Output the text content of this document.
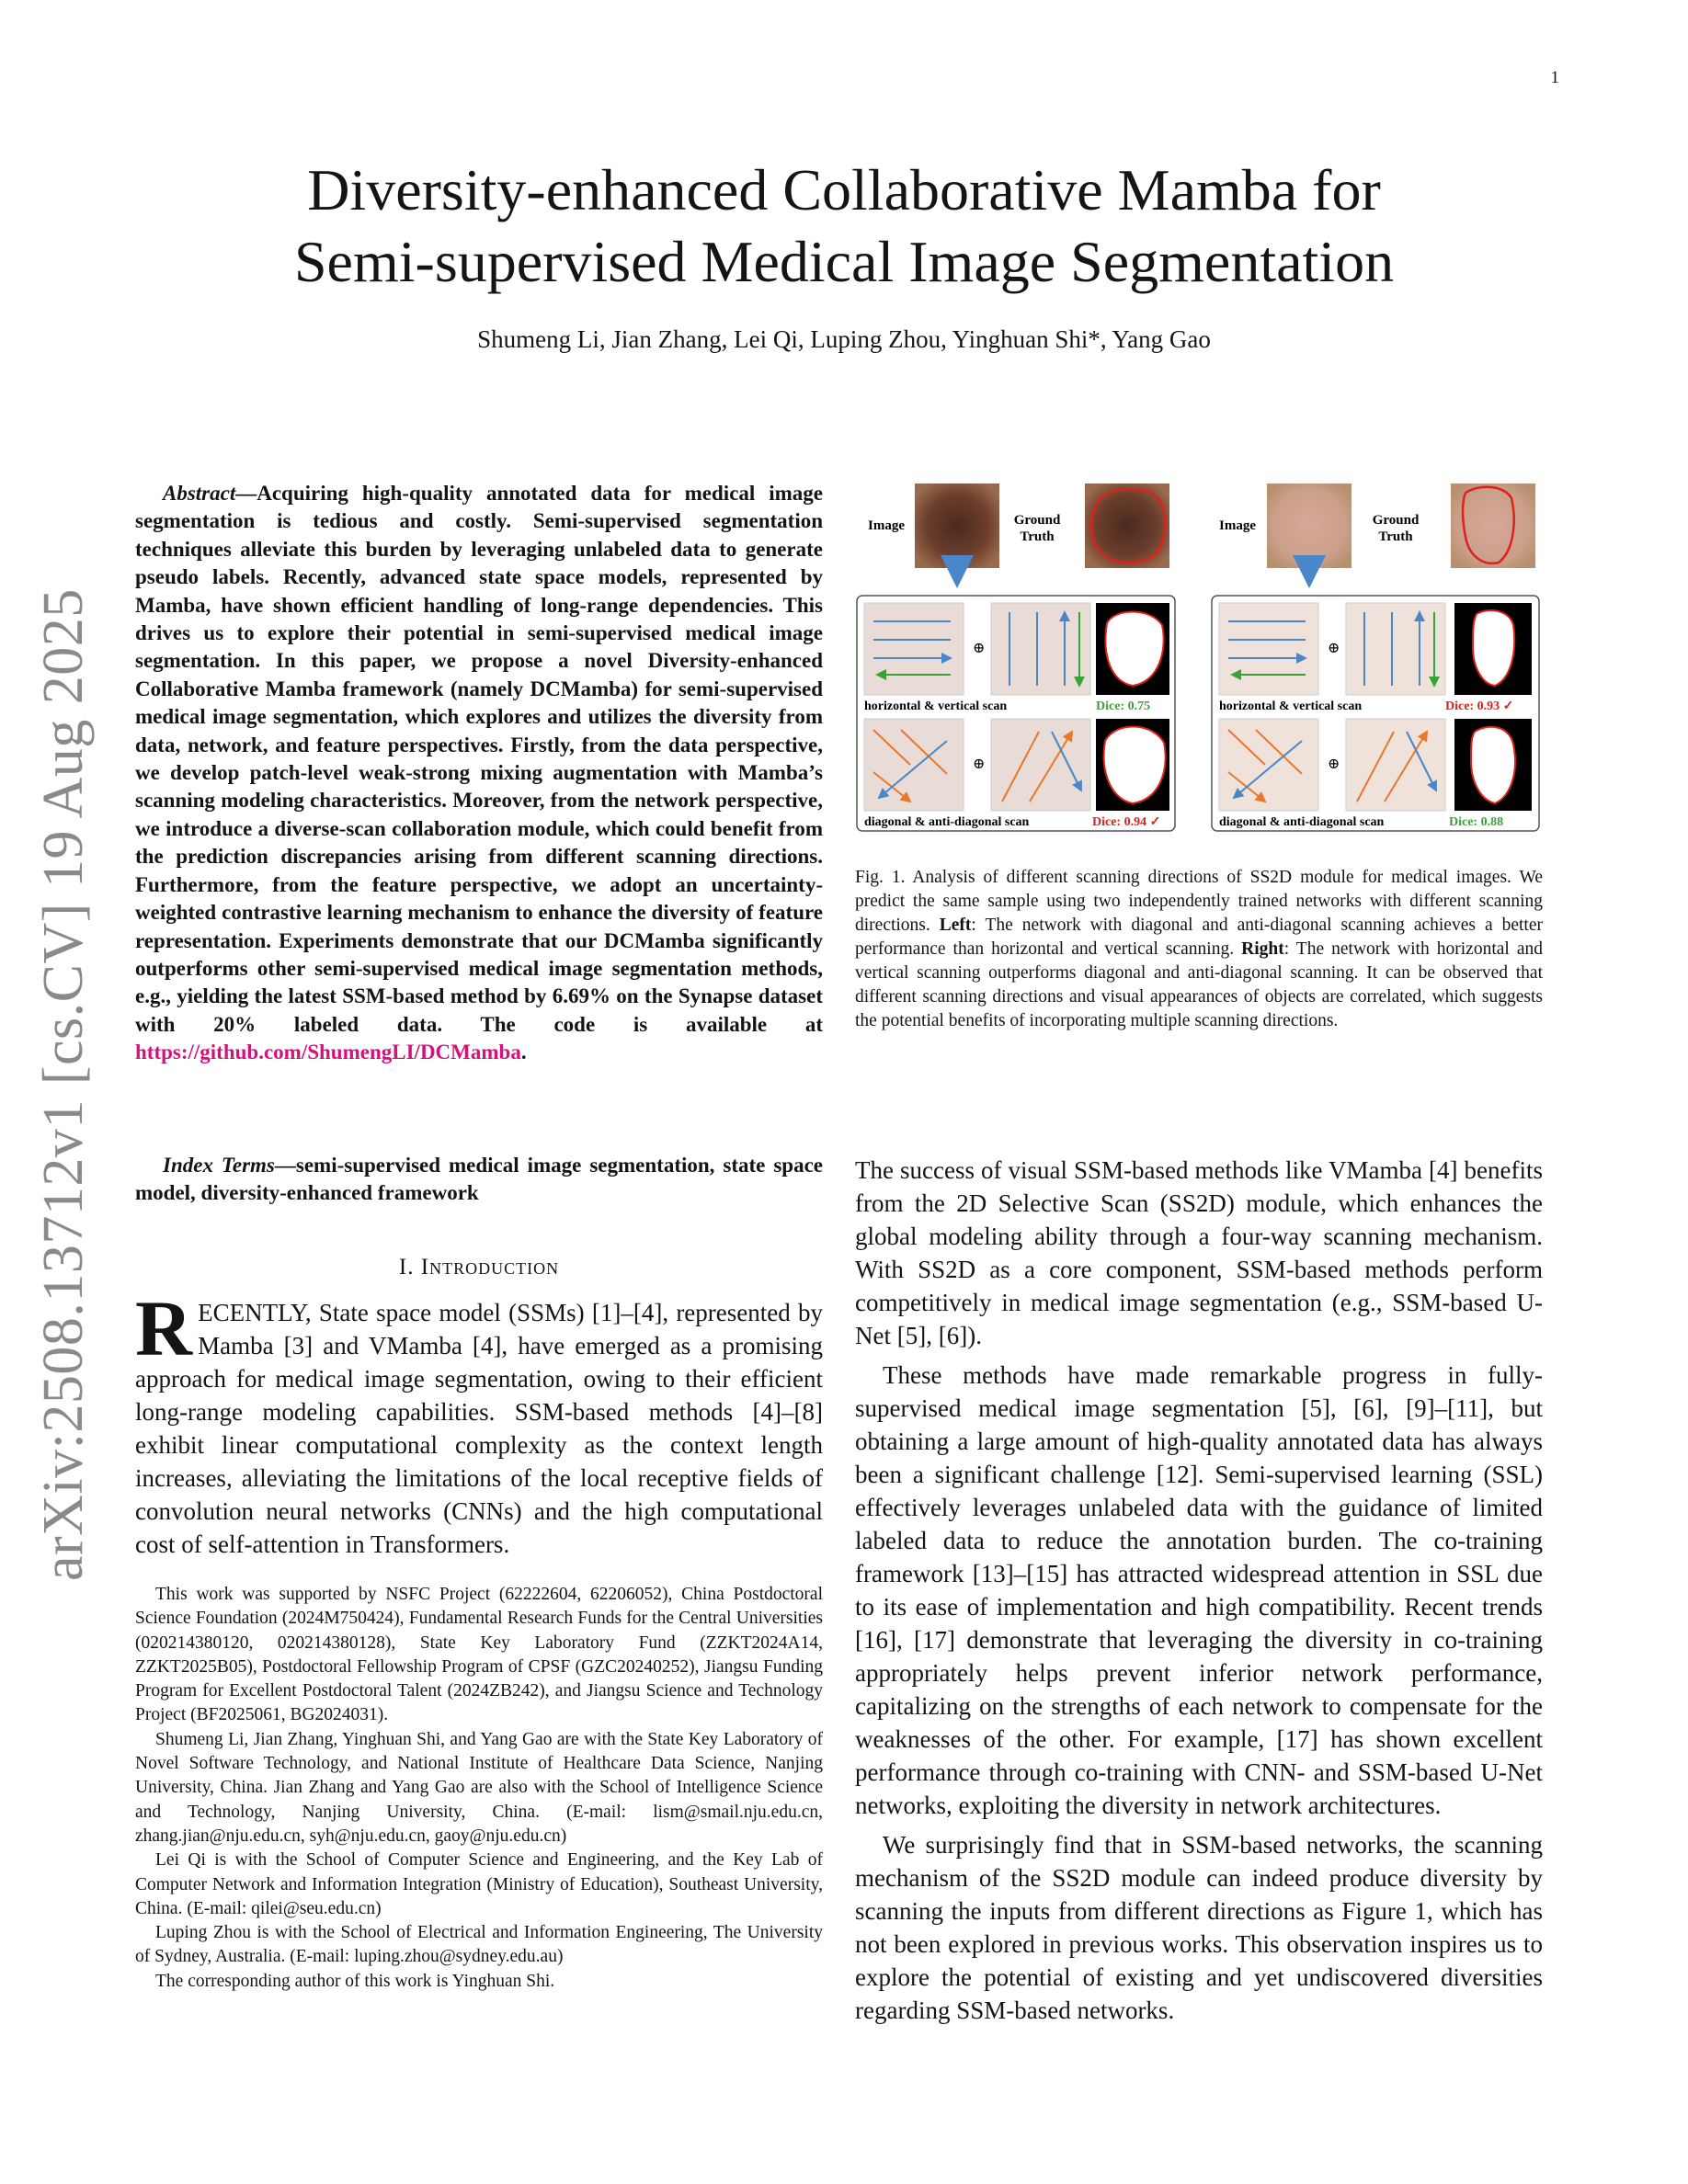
1
arXiv:2508.13712v1 [cs.CV] 19 Aug 2025
Diversity-enhanced Collaborative Mamba for
Semi-supervised Medical Image Segmentation
Shumeng Li, Jian Zhang, Lei Qi, Luping Zhou, Yinghuan Shi*, Yang Gao
Abstract—Acquiring high-quality annotated data for medical image segmentation is tedious and costly. Semi-supervised segmentation techniques alleviate this burden by leveraging unlabeled data to generate pseudo labels. Recently, advanced state space models, represented by Mamba, have shown efficient handling of long-range dependencies. This drives us to explore their potential in semi-supervised medical image segmentation. In this paper, we propose a novel Diversity-enhanced Collaborative Mamba framework (namely DCMamba) for semi-supervised medical image segmentation, which explores and utilizes the diversity from data, network, and feature perspectives. Firstly, from the data perspective, we develop patch-level weak-strong mixing augmentation with Mamba’s scanning modeling characteristics. Moreover, from the network perspective, we introduce a diverse-scan collaboration module, which could benefit from the prediction discrepancies arising from different scanning directions. Furthermore, from the feature perspective, we adopt an uncertainty-weighted contrastive learning mechanism to enhance the diversity of feature representation. Experiments demonstrate that our DCMamba significantly outperforms other semi-supervised medical image segmentation methods, e.g., yielding the latest SSM-based method by 6.69% on the Synapse dataset with 20% labeled data. The code is available at https://github.com/ShumengLI/DCMamba.
Index Terms—semi-supervised medical image segmentation, state space model, diversity-enhanced framework
I. Introduction

RECENTLY, State space model (SSMs) [1]–[4], represented by Mamba [3] and VMamba [4], have emerged as a promising approach for medical image segmentation, owing to their efficient long-range modeling capabilities. SSM-based methods [4]–[8] exhibit linear computational complexity as the context length increases, alleviating the limitations of the local receptive fields of convolution neural networks (CNNs) and the high computational cost of self-attention in Transformers.

This work was supported by NSFC Project (62222604, 62206052), China Postdoctoral Science Foundation (2024M750424), Fundamental Research Funds for the Central Universities (020214380120, 020214380128), State Key Laboratory Fund (ZZKT2024A14, ZZKT2025B05), Postdoctoral Fellowship Program of CPSF (GZC20240252), Jiangsu Funding Program for Excellent Postdoctoral Talent (2024ZB242), and Jiangsu Science and Technology Project (BF2025061, BG2024031).

Shumeng Li, Jian Zhang, Yinghuan Shi, and Yang Gao are with the State Key Laboratory of Novel Software Technology, and National Institute of Healthcare Data Science, Nanjing University, China. Jian Zhang and Yang Gao are also with the School of Intelligence Science and Technology, Nanjing University, China. (E-mail: lism@smail.nju.edu.cn, zhang.jian@nju.edu.cn, syh@nju.edu.cn, gaoy@nju.edu.cn)

Lei Qi is with the School of Computer Science and Engineering, and the Key Lab of Computer Network and Information Integration (Ministry of Education), Southeast University, China. (E-mail: qilei@seu.edu.cn)

Luping Zhou is with the School of Electrical and Information Engineering, The University of Sydney, Australia. (E-mail: luping.zhou@sydney.edu.au)

The corresponding author of this work is Yinghuan Shi.

Image	Ground
Truth
⊕
horizontal & vertical scan	Dice: 0.75
⊕
diagonal & anti-diagonal scan	Dice: 0.94 ✓
Image	Ground
Truth
⊕
horizontal & vertical scan	Dice: 0.93 ✓
⊕
diagonal & anti-diagonal scan	Dice: 0.88
Fig. 1. Analysis of different scanning directions of SS2D module for medical images. We predict the same sample using two independently trained networks with different scanning directions. Left: The network with diagonal and anti-diagonal scanning achieves a better performance than horizontal and vertical scanning. Right: The network with horizontal and vertical scanning outperforms diagonal and anti-diagonal scanning. It can be observed that different scanning directions and visual appearances of objects are correlated, which suggests the potential benefits of incorporating multiple scanning directions.

The success of visual SSM-based methods like VMamba [4] benefits from the 2D Selective Scan (SS2D) module, which enhances the global modeling ability through a four-way scanning mechanism. With SS2D as a core component, SSM-based methods perform competitively in medical image segmentation (e.g., SSM-based U-Net [5], [6]).

These methods have made remarkable progress in fully-supervised medical image segmentation [5], [6], [9]–[11], but obtaining a large amount of high-quality annotated data has always been a significant challenge [12]. Semi-supervised learning (SSL) effectively leverages unlabeled data with the guidance of limited labeled data to reduce the annotation burden. The co-training framework [13]–[15] has attracted widespread attention in SSL due to its ease of implementation and high compatibility. Recent trends [16], [17] demonstrate that leveraging the diversity in co-training appropriately helps prevent inferior network performance, capitalizing on the strengths of each network to compensate for the weaknesses of the other. For example, [17] has shown excellent performance through co-training with CNN- and SSM-based U-Net networks, exploiting the diversity in network architectures.

We surprisingly find that in SSM-based networks, the scanning mechanism of the SS2D module can indeed produce diversity by scanning the inputs from different directions as Figure 1, which has not been explored in previous works. This observation inspires us to explore the potential of existing and yet undiscovered diversities regarding SSM-based networks.
